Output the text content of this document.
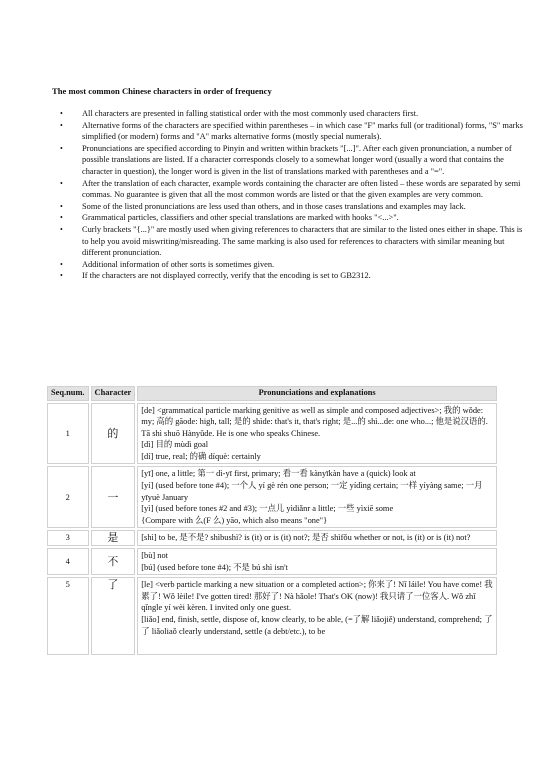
The most common Chinese characters in order of frequency
• All characters are presented in falling statistical order with the most commonly used characters first.
• Alternative forms of the characters are specified within parentheses – in which case "F" marks full (or traditional) forms, "S" marks simplified (or modern) forms and "A" marks alternative forms (mostly special numerals).
• Pronunciations are specified according to Pinyin and written within brackets "[...]". After each given pronunciation, a number of possible translations are listed. If a character corresponds closely to a somewhat longer word (usually a word that contains the character in question), the longer word is given in the list of translations marked with parentheses and a "=".
• After the translation of each character, example words containing the character are often listed – these words are separated by semi commas. No guarantee is given that all the most common words are listed or that the given examples are very common.
• Some of the listed pronunciations are less used than others, and in those cases translations and examples may lack.
• Grammatical particles, classifiers and other special translations are marked with hooks "<...>".
• Curly brackets "{...}" are mostly used when giving references to characters that are similar to the listed ones either in shape. This is to help you avoid miswriting/misreading. The same marking is also used for references to characters with similar meaning but different pronunciation.
• Additional information of other sorts is sometimes given.
• If the characters are not displayed correctly, verify that the encoding is set to GB2312.
Seq.num.	Character	Pronunciations and explanations
1	的	[de] <grammatical particle marking genitive as well as simple and composed adjectives>; 我的 wǒde: my; 高的 gāode: high, tall; 是的 shìde: that's it, that's right; 是...的 shì...de: one who...; 他是说汉语的. Tā shì shuō Hànyǔde. He is one who speaks Chinese.
[dì] 目的 mùdì goal
[dí] true, real; 的确 díquè: certainly

2	一	[yī] one, a little; 第一 dì-yī first, primary; 看一看 kànyīkàn have a (quick) look at
[yí] (used before tone #4); 一个人 yí gè rén one person; 一定 yídìng certain; 一样 yíyàng same; 一月 yīyuè January
[yì] (used before tones #2 and #3); 一点儿 yìdiǎnr a little; 一些 yìxiē some
{Compare with 么(F 么) yāo, which also means "one"}

3	是	[shì] to be, 是不是? shìbushì? is (it) or is (it) not?; 是否 shìfǒu whether or not, is (it) or is (it) not?

4	不	[bù] not
[bú] (used before tone #4); 不是 bú shì isn't

5	了	[le] <verb particle marking a new situation or a completed action>; 你来了! Nǐ láile! You have come! 我累了! Wǒ lèile! I've gotten tired! 那好了! Nà hǎole! That's OK (now)! 我只请了一位客人. Wǒ zhǐ qǐngle yí wèi kèren. I invited only one guest.
[liǎo] end, finish, settle, dispose of, know clearly, to be able, (=了解 liǎojiě) understand, comprehend; 了了 liǎoliaǒ clearly understand, settle (a debt/etc.), to be
